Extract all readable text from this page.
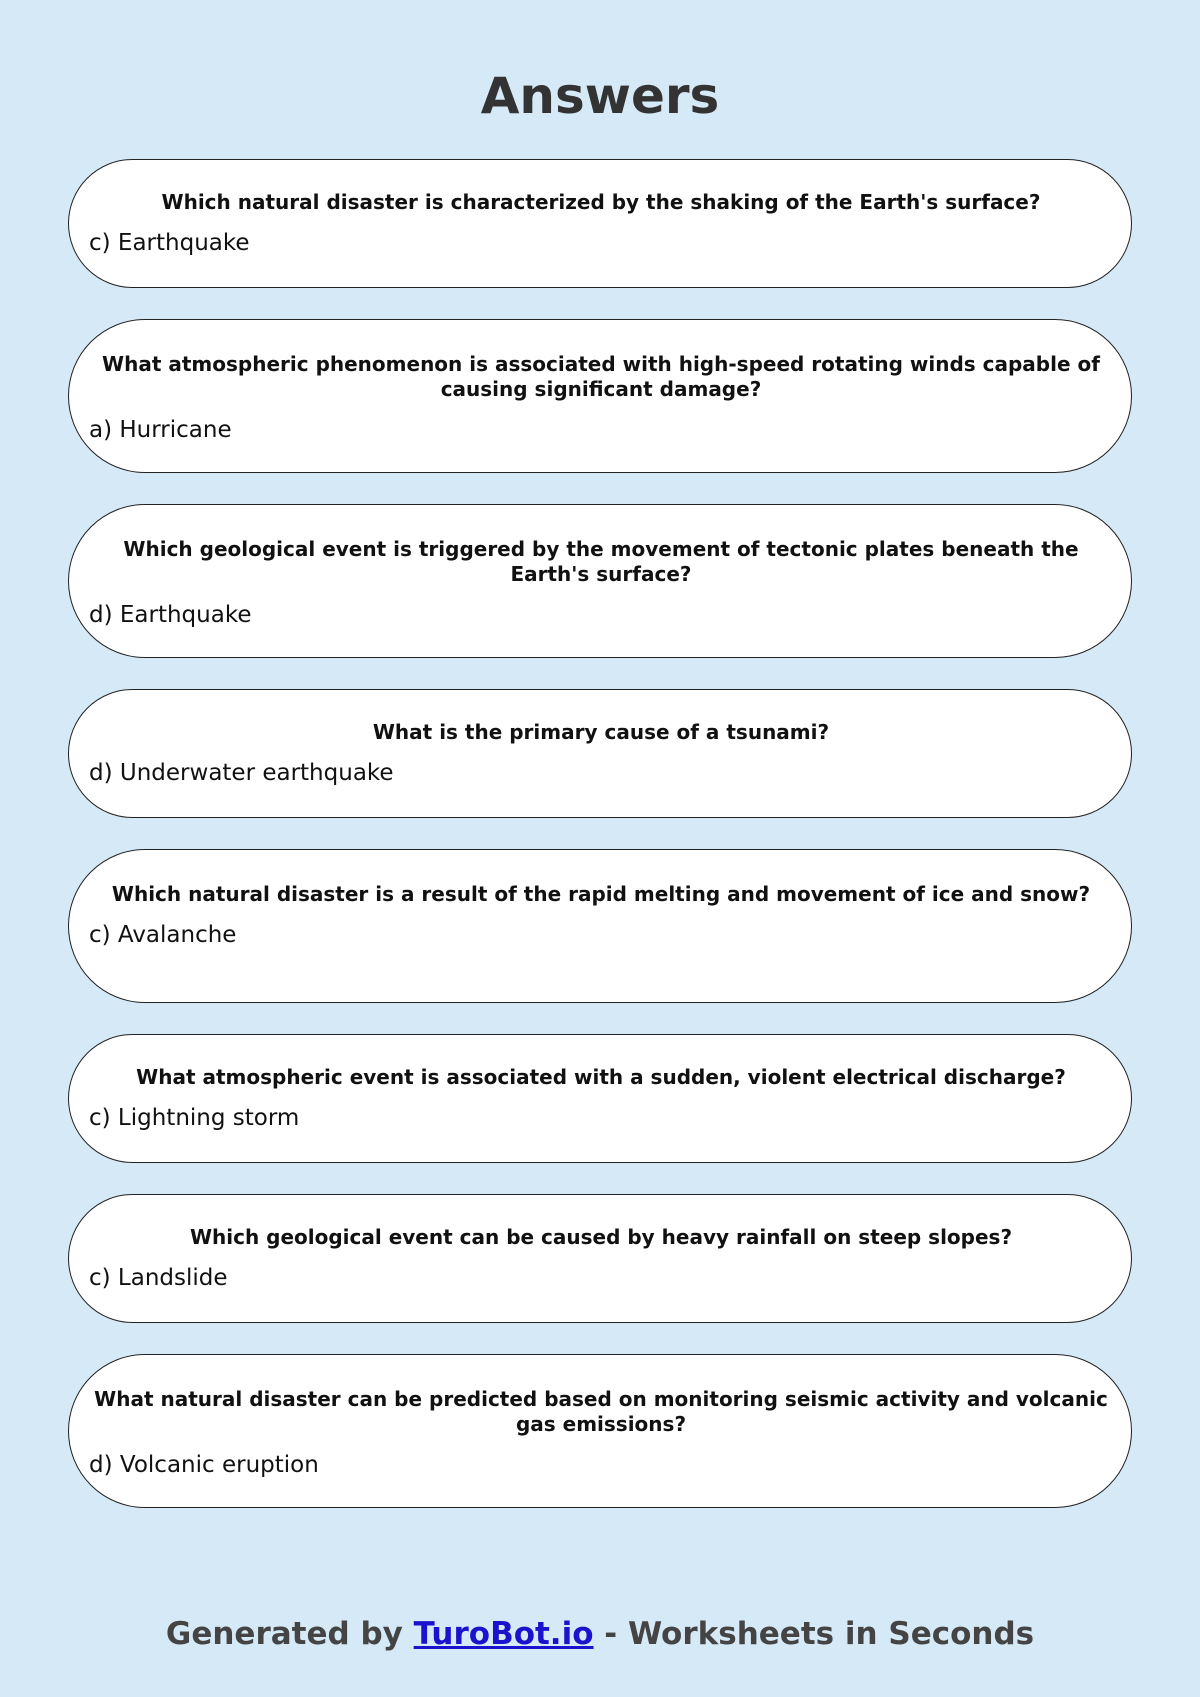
Answers

Which natural disaster is characterized by the shaking of the Earth's surface?

c) Earthquake

What atmospheric phenomenon is associated with high-speed rotating winds capable of causing significant damage?

a) Hurricane

Which geological event is triggered by the movement of tectonic plates beneath the Earth's surface?

d) Earthquake

What is the primary cause of a tsunami?

d) Underwater earthquake

Which natural disaster is a result of the rapid melting and movement of ice and snow?

c) Avalanche

What atmospheric event is associated with a sudden, violent electrical discharge?

c) Lightning storm

Which geological event can be caused by heavy rainfall on steep slopes?

c) Landslide

What natural disaster can be predicted based on monitoring seismic activity and volcanic gas emissions?

d) Volcanic eruption

Generated by TuroBot.io - Worksheets in Seconds
